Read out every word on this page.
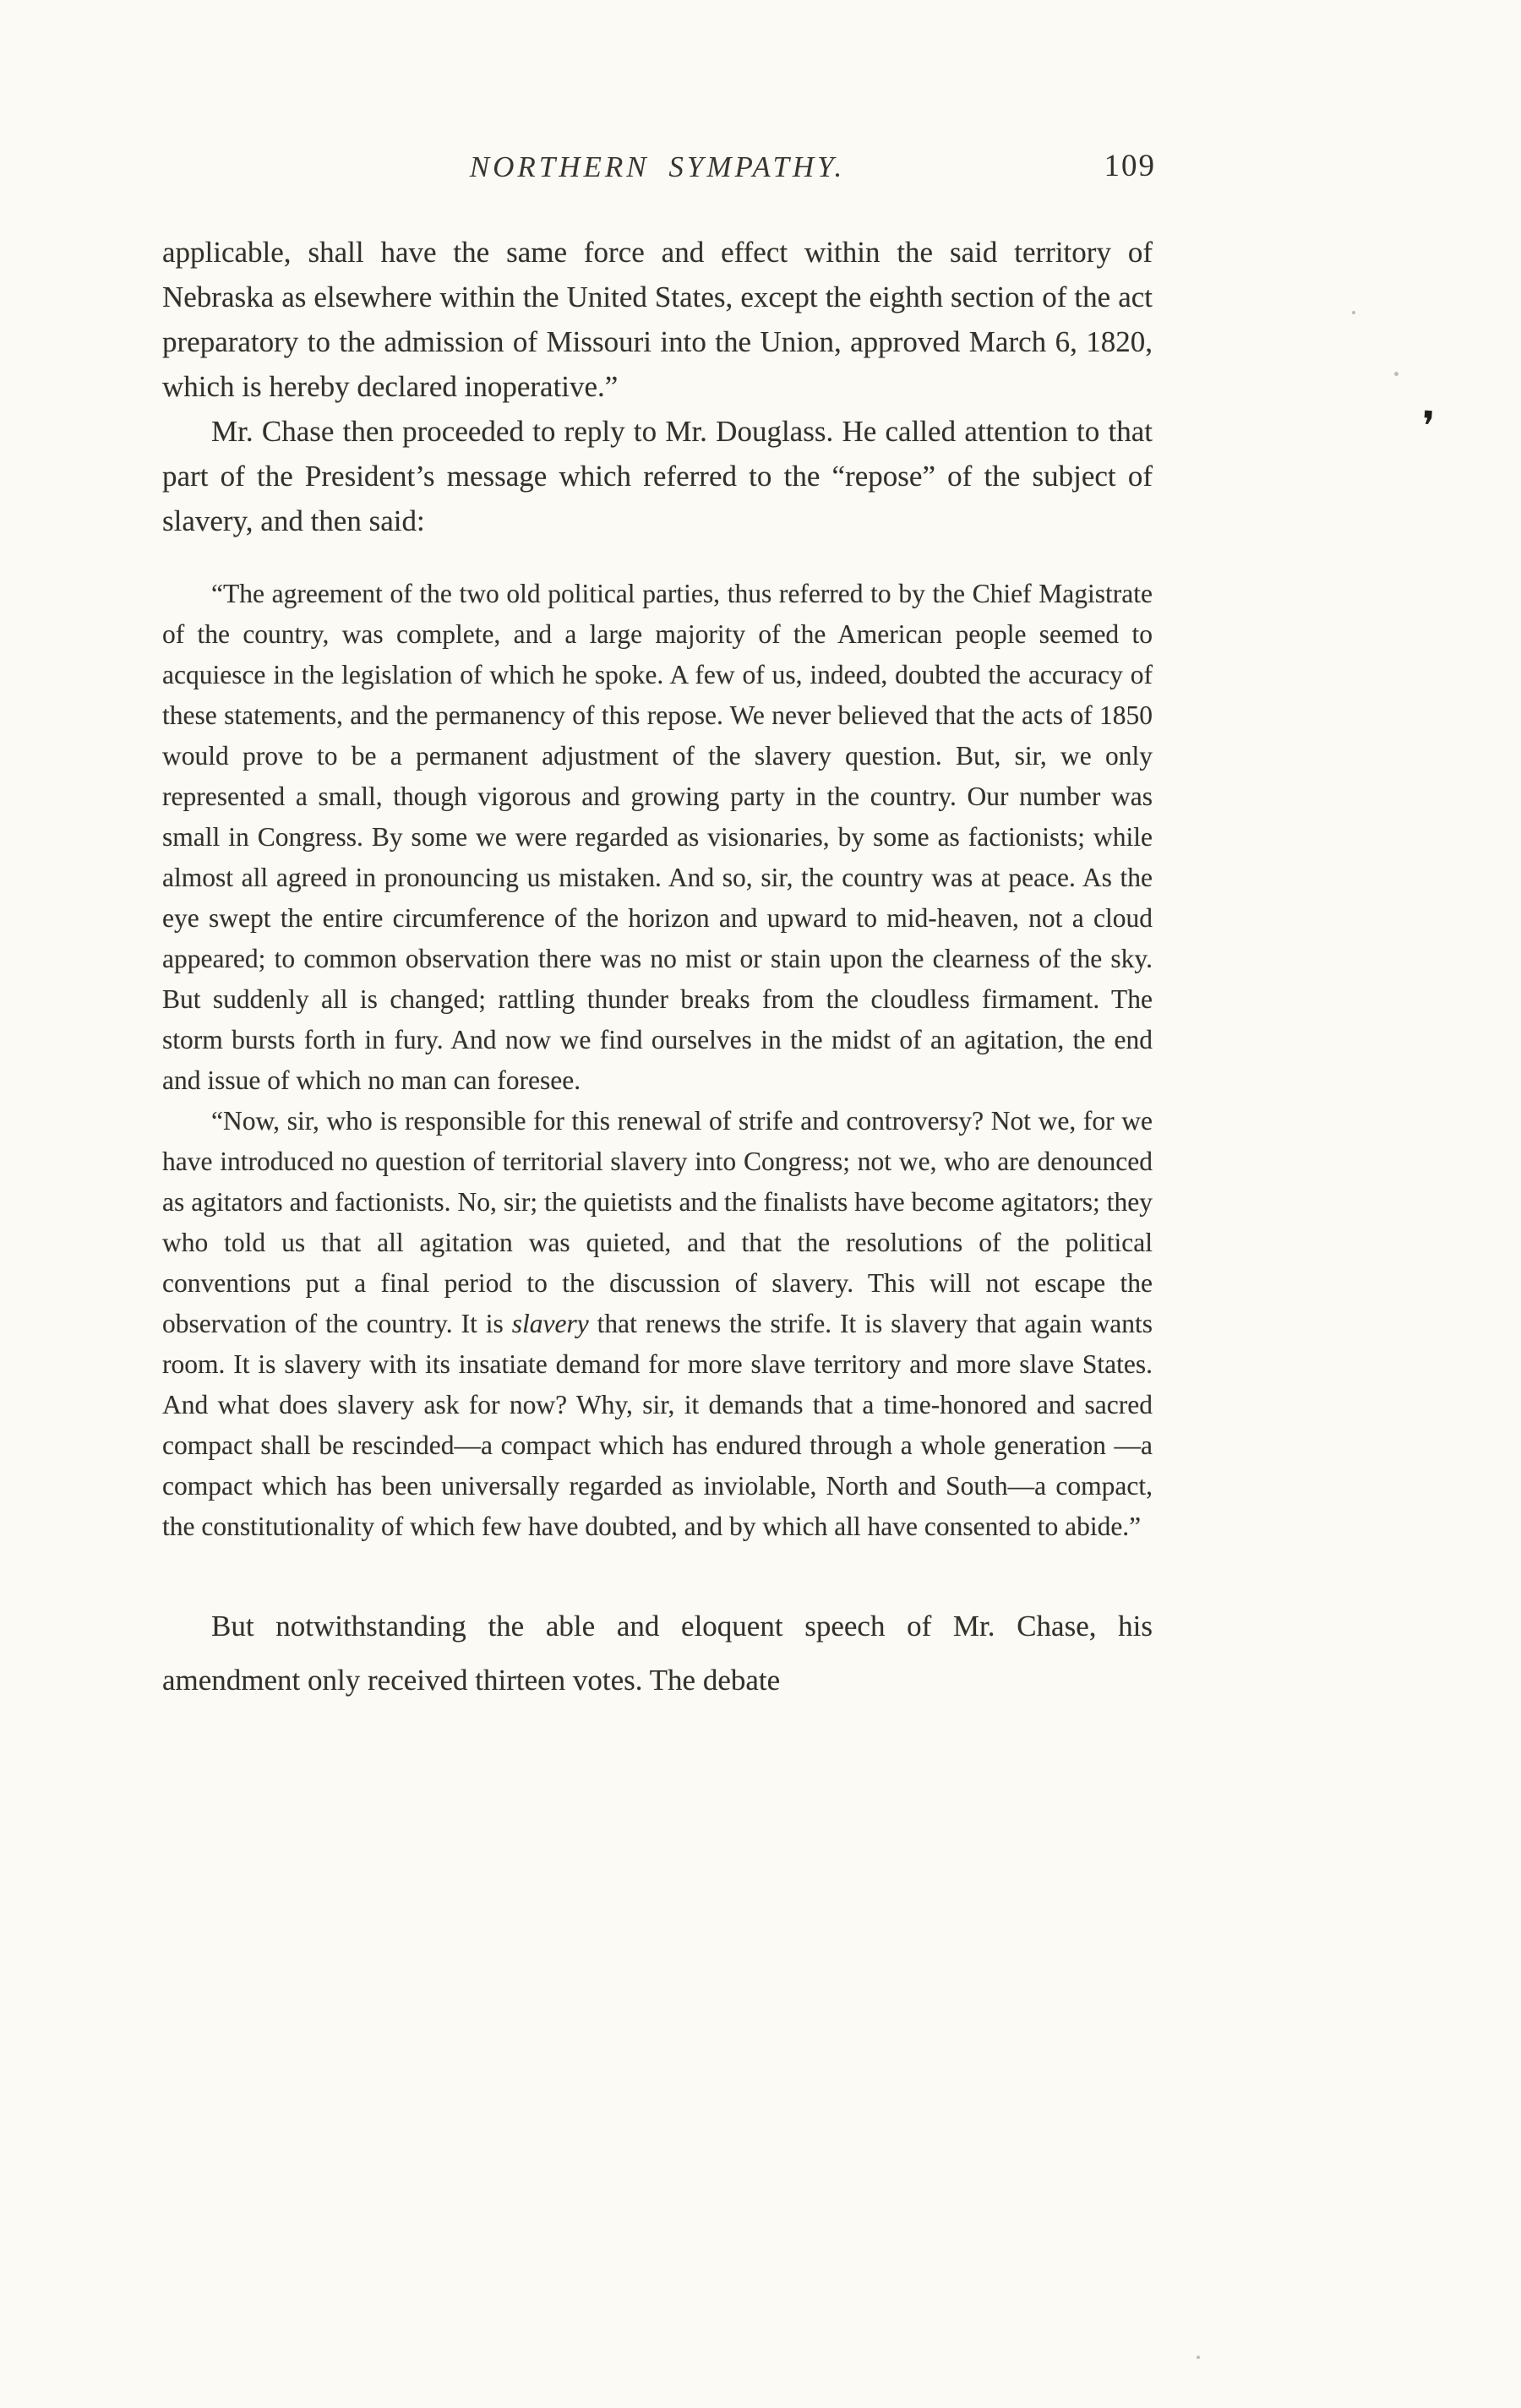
NORTHERN SYMPATHY.	109

applicable, shall have the same force and effect within the said territory of Nebraska as elsewhere within the United States, except the eighth section of the act preparatory to the admission of Missouri into the Union, approved March 6, 1820, which is hereby declared inoperative.”

Mr. Chase then proceeded to reply to Mr. Douglass. He called attention to that part of the President’s message which referred to the “repose” of the subject of slavery, and then said:

“The agreement of the two old political parties, thus referred to by the Chief Magistrate of the country, was complete, and a large majority of the American people seemed to acquiesce in the legislation of which he spoke. A few of us, indeed, doubted the accuracy of these statements, and the permanency of this repose. We never believed that the acts of 1850 would prove to be a permanent adjustment of the slavery question. But, sir, we only represented a small, though vigorous and growing party in the country. Our number was small in Congress. By some we were regarded as visionaries, by some as factionists; while almost all agreed in pronouncing us mistaken. And so, sir, the country was at peace. As the eye swept the entire circumference of the horizon and upward to mid-heaven, not a cloud appeared; to common observation there was no mist or stain upon the clearness of the sky. But suddenly all is changed; rattling thunder breaks from the cloudless firmament. The storm bursts forth in fury. And now we find ourselves in the midst of an agitation, the end and issue of which no man can foresee.

“Now, sir, who is responsible for this renewal of strife and controversy? Not we, for we have introduced no question of territorial slavery into Congress; not we, who are denounced as agitators and factionists. No, sir; the quietists and the finalists have become agitators; they who told us that all agitation was quieted, and that the resolutions of the political conventions put a final period to the discussion of slavery. This will not escape the observation of the country. It is slavery that renews the strife. It is slavery that again wants room. It is slavery with its insatiate demand for more slave territory and more slave States. And what does slavery ask for now? Why, sir, it demands that a time-honored and sacred compact shall be rescinded—a compact which has endured through a whole generation —a compact which has been universally regarded as inviolable, North and South—a compact, the constitutionality of which few have doubted, and by which all have consented to abide.”

But notwithstanding the able and eloquent speech of Mr. Chase, his amendment only received thirteen votes. The debate

❜
